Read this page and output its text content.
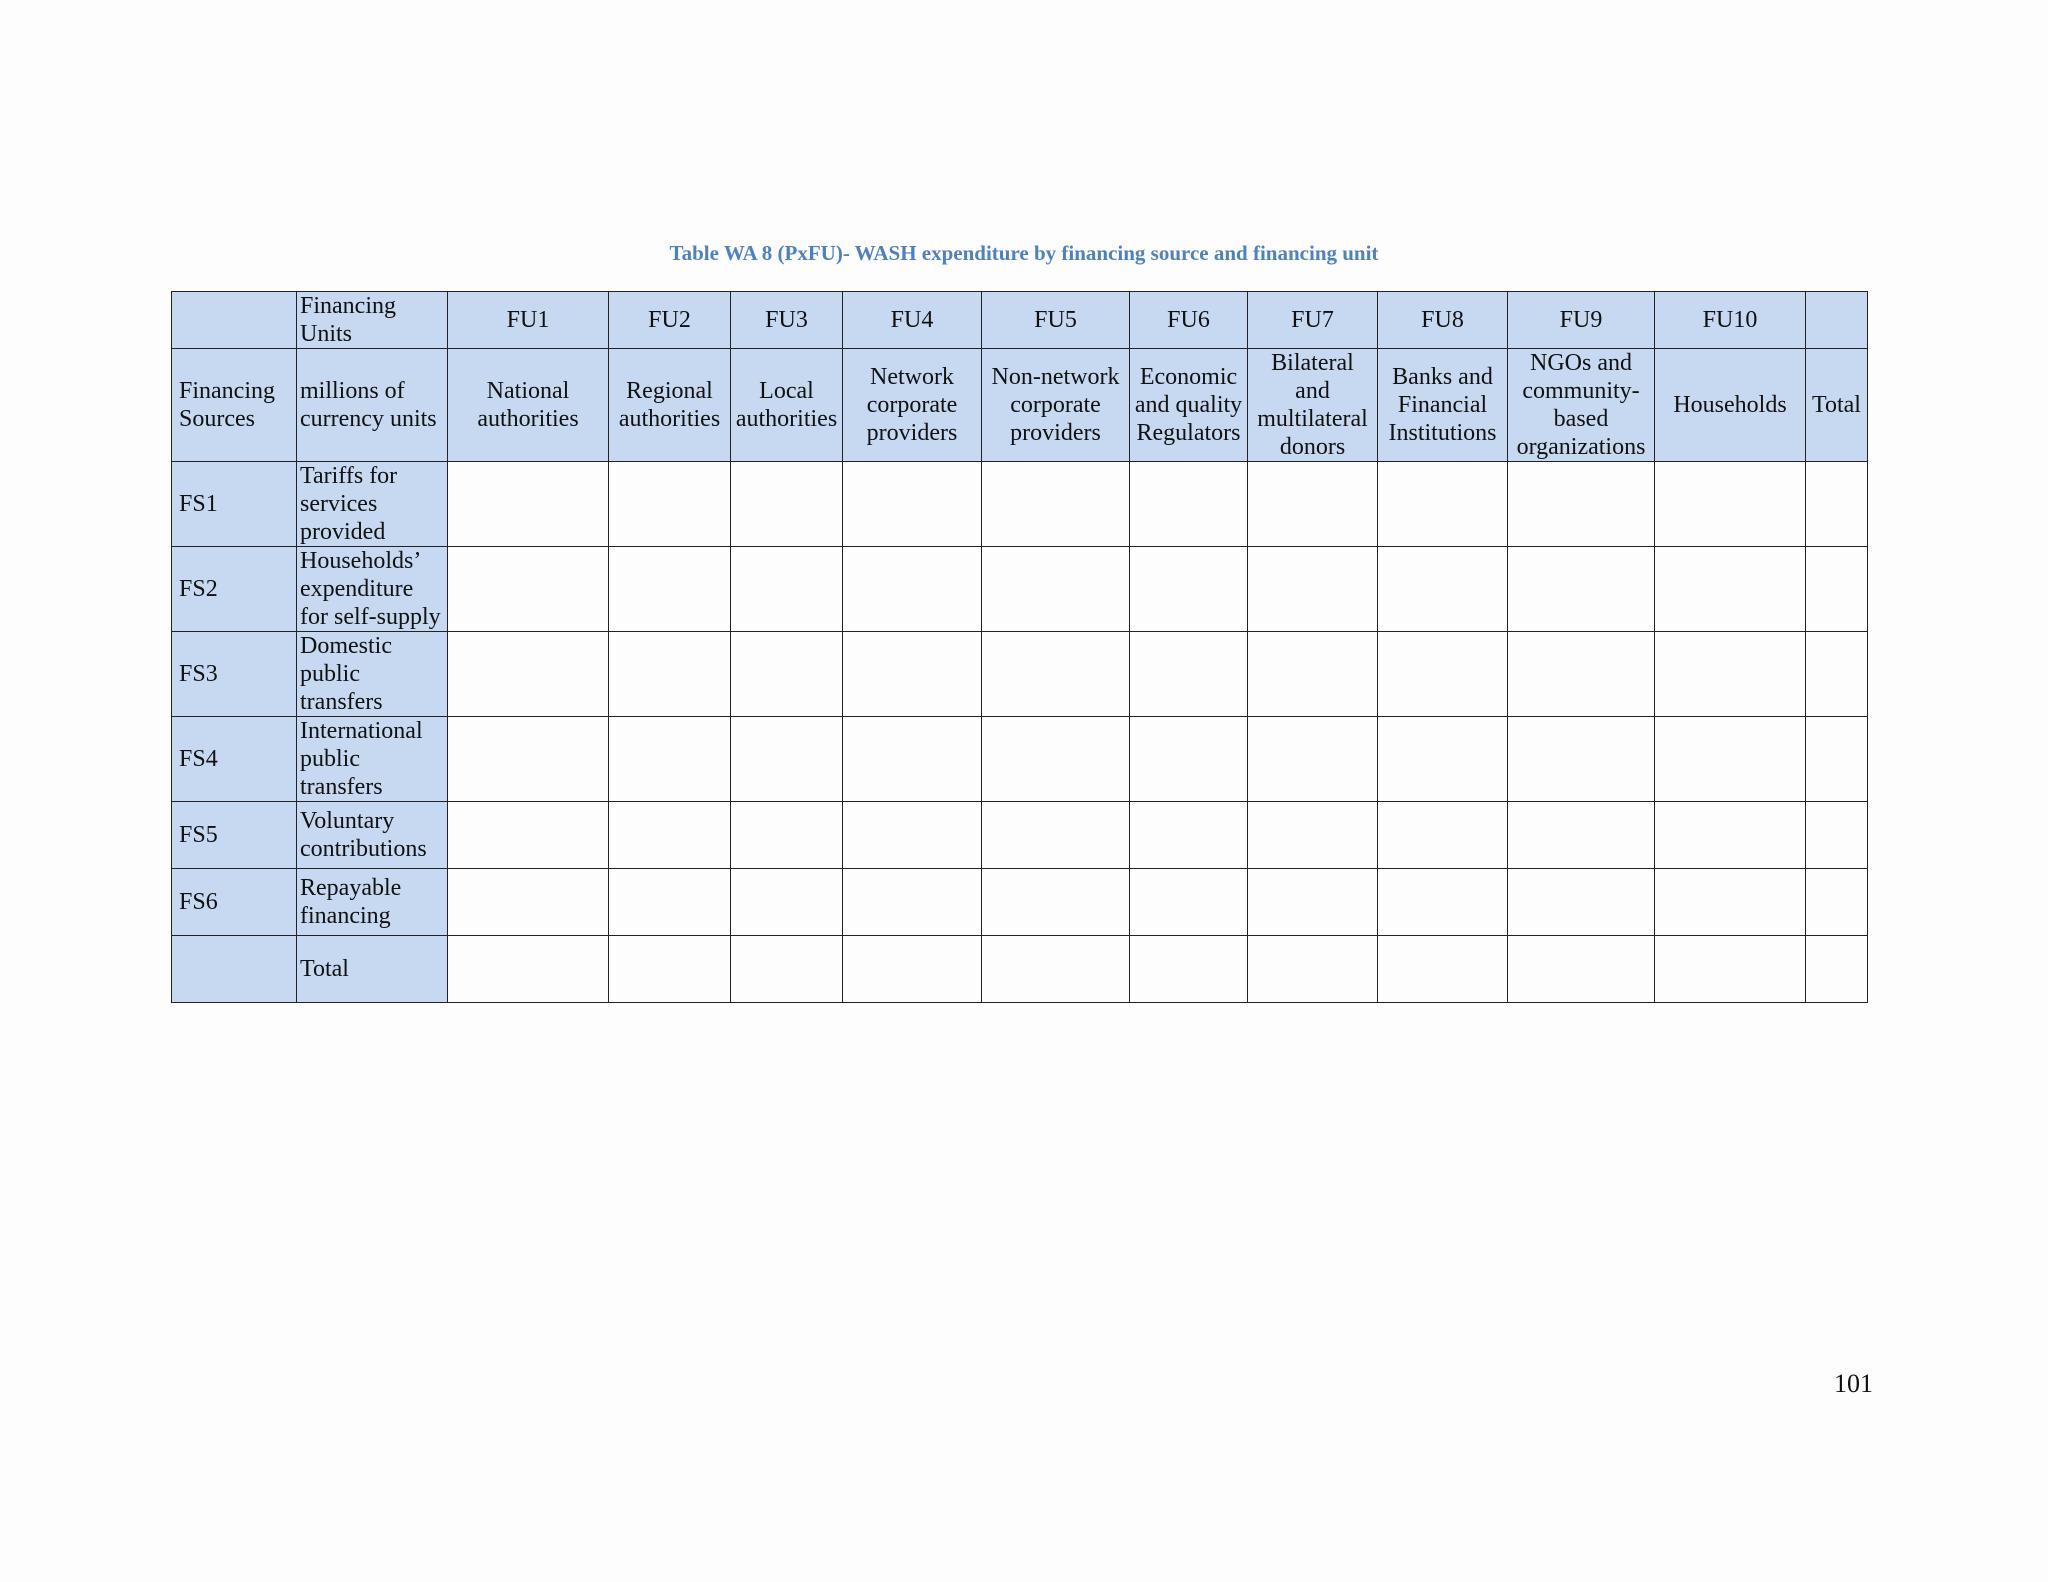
Table WA 8 (PxFU)- WASH expenditure by financing source and financing unit
	Financing Units	FU1	FU2	FU3	FU4	FU5	FU6	FU7	FU8	FU9	FU10	
Financing Sources	millions of currency units	National authorities	Regional authorities	Local authorities	Network corporate providers	Non-network corporate providers	Economic and quality Regulators	Bilateral and multilateral donors	Banks and Financial Institutions	NGOs and community-based organizations	Households	Total
FS1	Tariffs for services provided											
FS2	Households’ expenditure for self-supply											
FS3	Domestic public transfers											
FS4	International public transfers											
FS5	Voluntary contributions											
FS6	Repayable financing											
	Total											
101
